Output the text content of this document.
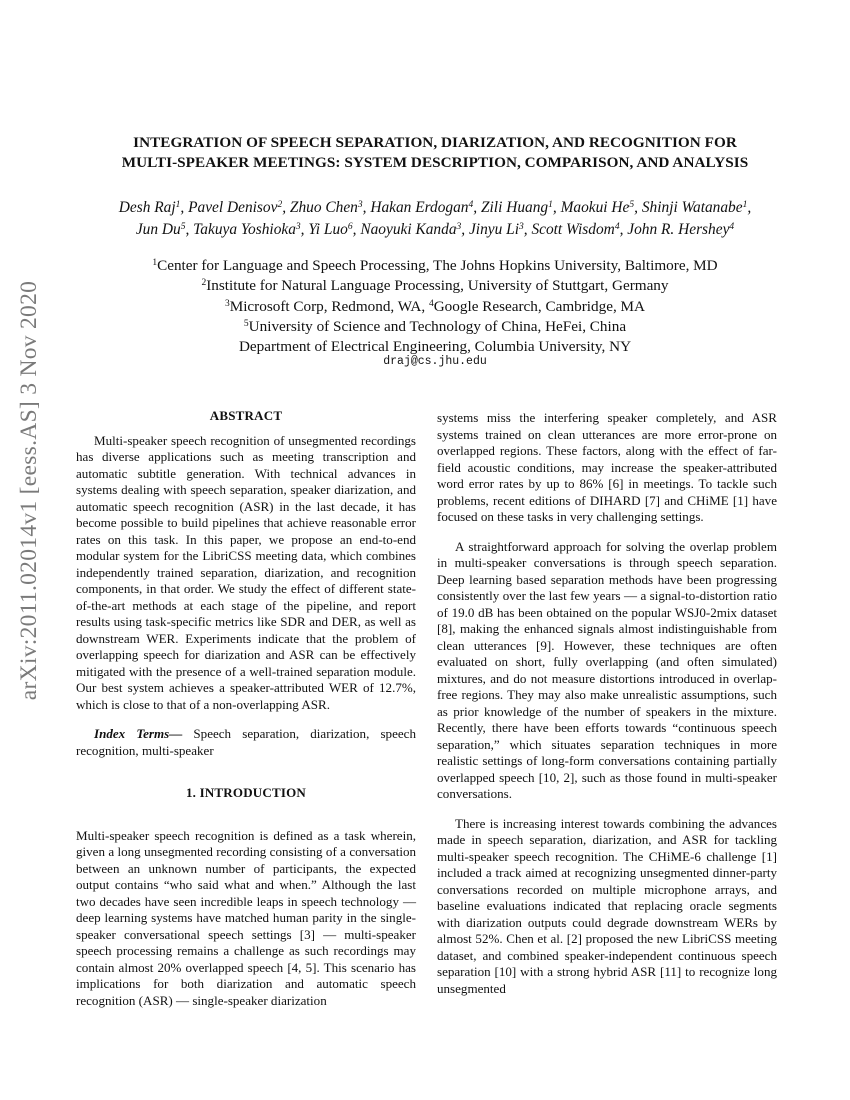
arXiv:2011.02014v1 [eess.AS] 3 Nov 2020

INTEGRATION OF SPEECH SEPARATION, DIARIZATION, AND RECOGNITION FOR

MULTI-SPEAKER MEETINGS: SYSTEM DESCRIPTION, COMPARISON, AND ANALYSIS

Desh Raj$^1$, Pavel Denisov$^2$, Zhuo Chen$^3$, Hakan Erdogan$^4$, Zili Huang$^1$, Maokui He$^5$, Shinji Watanabe$^1$,
Jun Du$^5$, Takuya Yoshioka$^3$, Yi Luo$^6$, Naoyuki Kanda$^3$, Jinyu Li$^3$, Scott Wisdom$^4$, John R. Hershey$^4$
$^1$Center for Language and Speech Processing, The Johns Hopkins University, Baltimore, MD
$^2$Institute for Natural Language Processing, University of Stuttgart, Germany
$^3$Microsoft Corp, Redmond, WA, $^4$Google Research, Cambridge, MA
$^5$University of Science and Technology of China, HeFei, China
Department of Electrical Engineering, Columbia University, NY
draj@cs.jhu.edu

ABSTRACT

Multi-speaker speech recognition of unsegmented recordings has diverse applications such as meeting transcription and automatic subtitle generation. With technical advances in systems dealing with speech separation, speaker diarization, and automatic speech recognition (ASR) in the last decade, it has become possible to build pipelines that achieve reasonable error rates on this task. In this paper, we propose an end-to-end modular system for the LibriCSS meeting data, which combines independently trained separation, diarization, and recognition components, in that order. We study the effect of different state-of-the-art methods at each stage of the pipeline, and report results using task-specific metrics like SDR and DER, as well as downstream WER. Experiments indicate that the problem of overlapping speech for diarization and ASR can be effectively mitigated with the presence of a well-trained separation module. Our best system achieves a speaker-attributed WER of 12.7%, which is close to that of a non-overlapping ASR.

Index Terms— Speech separation, diarization, speech recognition, multi-speaker

1. INTRODUCTION

Multi-speaker speech recognition is defined as a task wherein, given a long unsegmented recording consisting of a conversation between an unknown number of participants, the expected output contains “who said what and when.” Although the last two decades have seen incredible leaps in speech technology — deep learning systems have matched human parity in the single-speaker conversational speech settings [3] — multi-speaker speech processing remains a challenge as such recordings may contain almost 20% overlapped speech [4, 5]. This scenario has implications for both diarization and automatic speech recognition (ASR) — single-speaker diarization

systems miss the interfering speaker completely, and ASR systems trained on clean utterances are more error-prone on overlapped regions. These factors, along with the effect of far-field acoustic conditions, may increase the speaker-attributed word error rates by up to 86% [6] in meetings. To tackle such problems, recent editions of DIHARD [7] and CHiME [1] have focused on these tasks in very challenging settings.

A straightforward approach for solving the overlap problem in multi-speaker conversations is through speech separation. Deep learning based separation methods have been progressing consistently over the last few years — a signal-to-distortion ratio of 19.0 dB has been obtained on the popular WSJ0-2mix dataset [8], making the enhanced signals almost indistinguishable from clean utterances [9]. However, these techniques are often evaluated on short, fully overlapping (and often simulated) mixtures, and do not measure distortions introduced in overlap-free regions. They may also make unrealistic assumptions, such as prior knowledge of the number of speakers in the mixture. Recently, there have been efforts towards “continuous speech separation,” which situates separation techniques in more realistic settings of long-form conversations containing partially overlapped speech [10, 2], such as those found in multi-speaker conversations.

There is increasing interest towards combining the advances made in speech separation, diarization, and ASR for tackling multi-speaker speech recognition. The CHiME-6 challenge [1] included a track aimed at recognizing unsegmented dinner-party conversations recorded on multiple microphone arrays, and baseline evaluations indicated that replacing oracle segments with diarization outputs could degrade downstream WERs by almost 52%. Chen et al. [2] proposed the new LibriCSS meeting dataset, and combined speaker-independent continuous speech separation [10] with a strong hybrid ASR [11] to recognize long unsegmented
